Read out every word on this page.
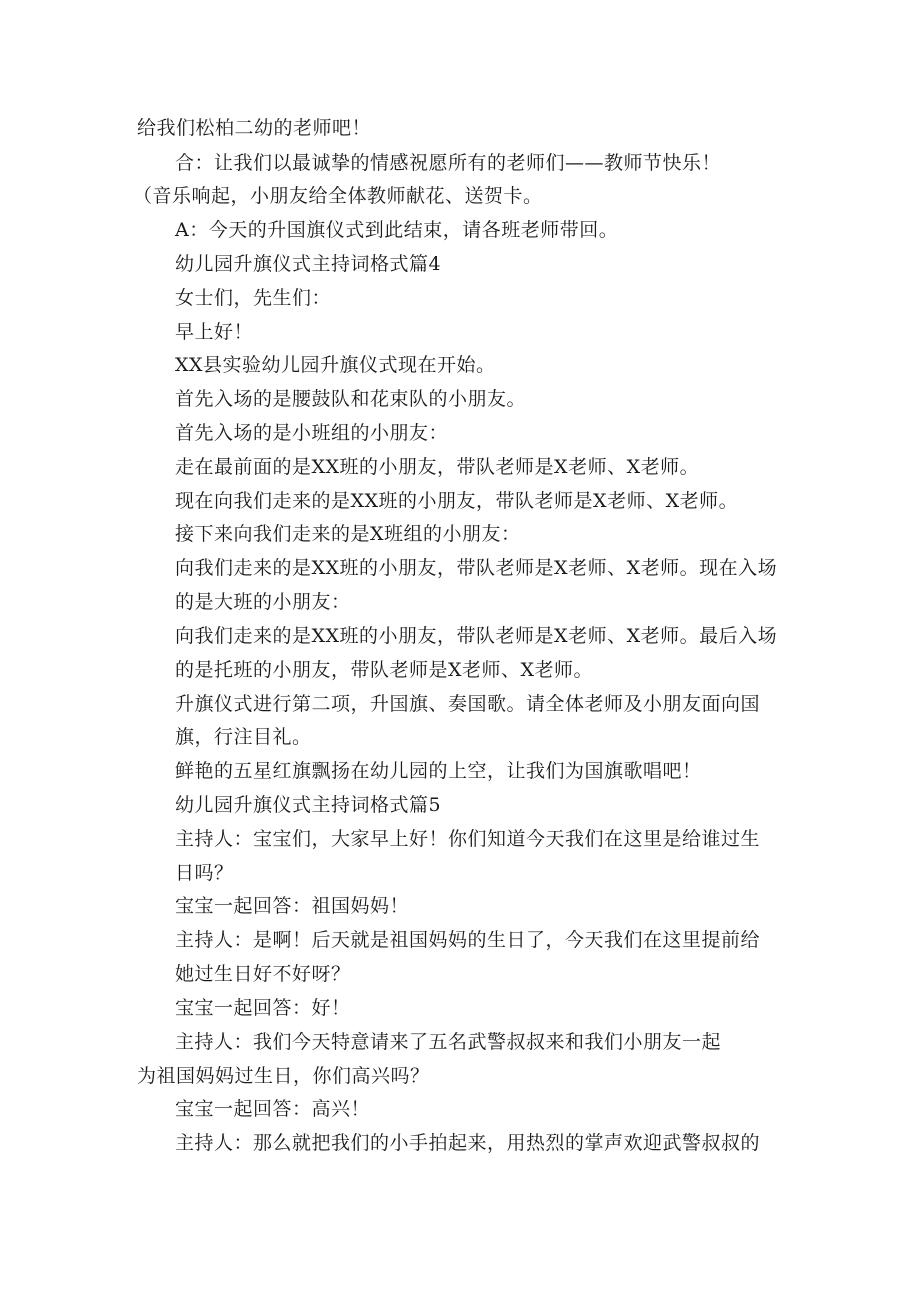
给我们松柏二幼的老师吧！
合：让我们以最诚挚的情感祝愿所有的老师们——教师节快乐！
（音乐响起，小朋友给全体教师献花、送贺卡。
A：今天的升国旗仪式到此结束，请各班老师带回。
幼儿园升旗仪式主持词格式篇4
女士们，先生们：
早上好！
XX县实验幼儿园升旗仪式现在开始。
首先入场的是腰鼓队和花束队的小朋友。
首先入场的是小班组的小朋友：
走在最前面的是XX班的小朋友，带队老师是X老师、X老师。
现在向我们走来的是XX班的小朋友，带队老师是X老师、X老师。
接下来向我们走来的是X班组的小朋友：
向我们走来的是XX班的小朋友，带队老师是X老师、X老师。现在入场
的是大班的小朋友：
向我们走来的是XX班的小朋友，带队老师是X老师、X老师。最后入场
的是托班的小朋友，带队老师是X老师、X老师。
升旗仪式进行第二项，升国旗、奏国歌。请全体老师及小朋友面向国
旗，行注目礼。
鲜艳的五星红旗飘扬在幼儿园的上空，让我们为国旗歌唱吧！
幼儿园升旗仪式主持词格式篇5
主持人：宝宝们，大家早上好！你们知道今天我们在这里是给谁过生
日吗？
宝宝一起回答：祖国妈妈！
主持人：是啊！后天就是祖国妈妈的生日了，今天我们在这里提前给
她过生日好不好呀？
宝宝一起回答：好！
主持人：我们今天特意请来了五名武警叔叔来和我们小朋友一起
为祖国妈妈过生日，你们高兴吗？
宝宝一起回答：高兴！
主持人：那么就把我们的小手拍起来，用热烈的掌声欢迎武警叔叔的
